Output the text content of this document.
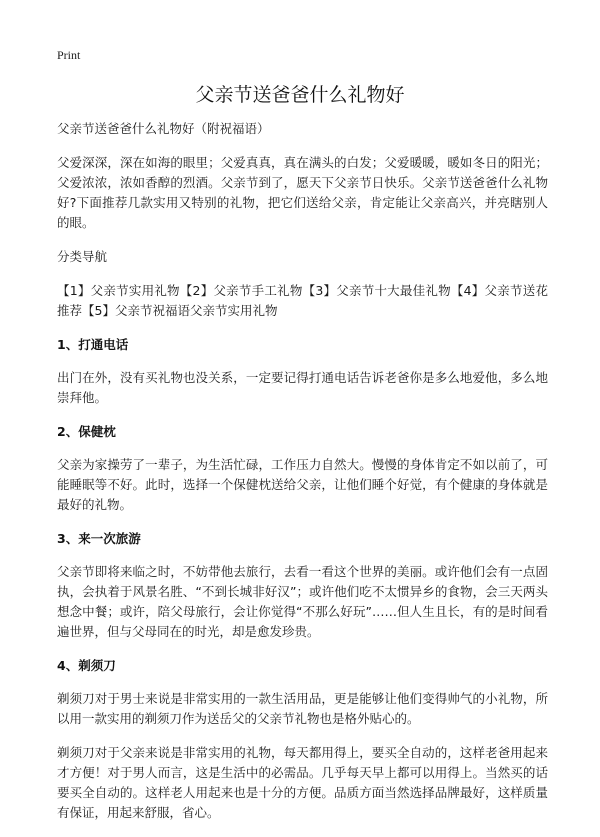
Print
父亲节送爸爸什么礼物好

父亲节送爸爸什么礼物好（附祝福语）

父爱深深，深在如海的眼里；父爱真真，真在满头的白发；父爱暖暖，暖如冬日的阳光；父爱浓浓，浓如香醇的烈酒。父亲节到了，愿天下父亲节日快乐。父亲节送爸爸什么礼物好?下面推荐几款实用又特别的礼物，把它们送给父亲，肯定能让父亲高兴，并亮瞎别人的眼。

分类导航

【1】父亲节实用礼物【2】父亲节手工礼物【3】父亲节十大最佳礼物【4】父亲节送花推荐【5】父亲节祝福语父亲节实用礼物

1、打通电话

出门在外，没有买礼物也没关系，一定要记得打通电话告诉老爸你是多么地爱他，多么地崇拜他。

2、保健枕

父亲为家操劳了一辈子，为生活忙碌，工作压力自然大。慢慢的身体肯定不如以前了，可能睡眠等不好。此时，选择一个保健枕送给父亲，让他们睡个好觉，有个健康的身体就是最好的礼物。

3、来一次旅游

父亲节即将来临之时，不妨带他去旅行，去看一看这个世界的美丽。或许他们会有一点固执，会执着于风景名胜、“不到长城非好汉”；或许他们吃不太惯异乡的食物，会三天两头想念中餐；或许，陪父母旅行，会让你觉得“不那么好玩”……但人生且长，有的是时间看遍世界，但与父母同在的时光，却是愈发珍贵。

4、剃须刀

剃须刀对于男士来说是非常实用的一款生活用品，更是能够让他们变得帅气的小礼物，所以用一款实用的剃须刀作为送岳父的父亲节礼物也是格外贴心的。

剃须刀对于父亲来说是非常实用的礼物，每天都用得上，要买全自动的，这样老爸用起来才方便！对于男人而言，这是生活中的必需品。几乎每天早上都可以用得上。当然买的话要买全自动的。这样老人用起来也是十分的方便。品质方面当然选择品牌最好，这样质量有保证，用起来舒服，省心。
